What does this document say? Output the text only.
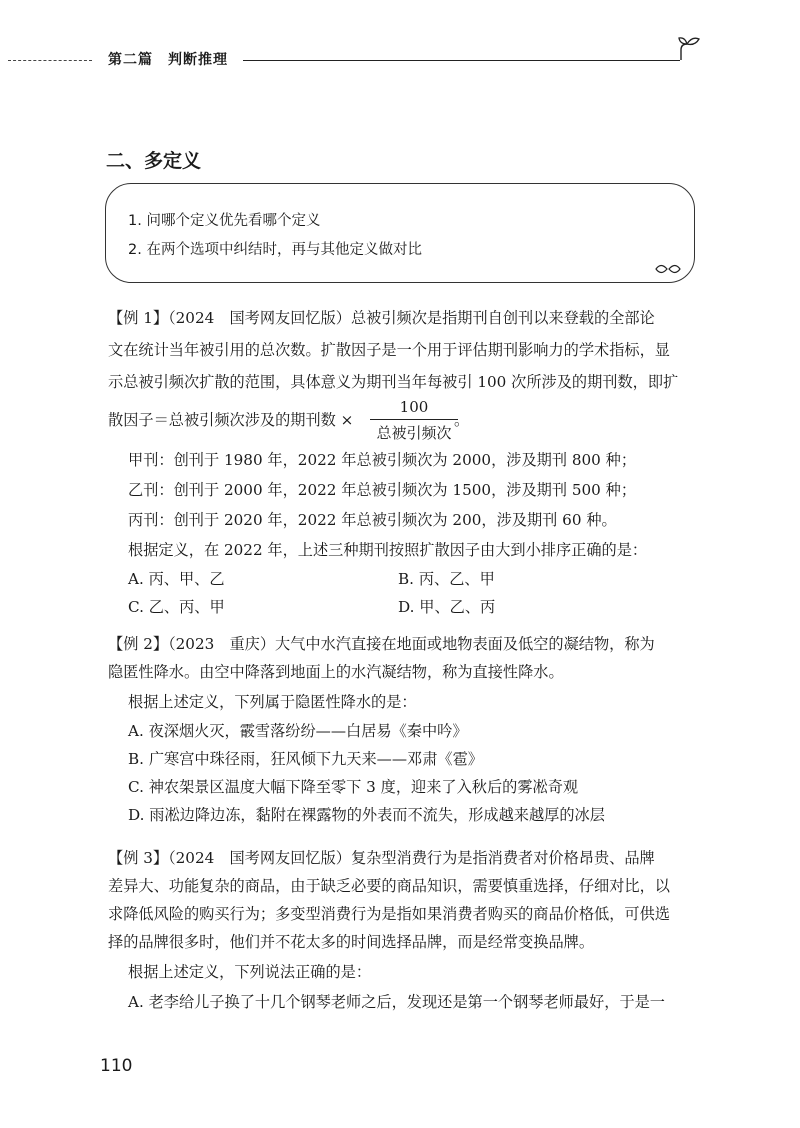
第二篇　判断推理
二、多定义
1. 问哪个定义优先看哪个定义
2. 在两个选项中纠结时，再与其他定义做对比
【例 1】（2024　国考网友回忆版）总被引频次是指期刊自创刊以来登载的全部论
文在统计当年被引用的总次数。扩散因子是一个用于评估期刊影响力的学术指标，显
示总被引频次扩散的范围，具体意义为期刊当年每被引 100 次所涉及的期刊数，即扩
散因子＝总被引频次涉及的期刊数 ×
100
总被引频次
。
甲刊：创刊于 1980 年，2022 年总被引频次为 2000，涉及期刊 800 种；
乙刊：创刊于 2000 年，2022 年总被引频次为 1500，涉及期刊 500 种；
丙刊：创刊于 2020 年，2022 年总被引频次为 200，涉及期刊 60 种。
根据定义，在 2022 年，上述三种期刊按照扩散因子由大到小排序正确的是：
A. 丙、甲、乙	B. 丙、乙、甲
C. 乙、丙、甲	D. 甲、乙、丙
【例 2】（2023　重庆）大气中水汽直接在地面或地物表面及低空的凝结物，称为
隐匿性降水。由空中降落到地面上的水汽凝结物，称为直接性降水。
根据上述定义，下列属于隐匿性降水的是：
A. 夜深烟火灭，霰雪落纷纷——白居易《秦中吟》
B. 广寒宫中珠径雨，狂风倾下九天来——邓肃《雹》
C. 神农架景区温度大幅下降至零下 3 度，迎来了入秋后的雾凇奇观
D. 雨凇边降边冻，黏附在裸露物的外表而不流失，形成越来越厚的冰层
【例 3】（2024　国考网友回忆版）复杂型消费行为是指消费者对价格昂贵、品牌
差异大、功能复杂的商品，由于缺乏必要的商品知识，需要慎重选择，仔细对比，以
求降低风险的购买行为；多变型消费行为是指如果消费者购买的商品价格低，可供选
择的品牌很多时，他们并不花太多的时间选择品牌，而是经常变换品牌。
根据上述定义，下列说法正确的是：
A. 老李给儿子换了十几个钢琴老师之后，发现还是第一个钢琴老师最好，于是一
110
